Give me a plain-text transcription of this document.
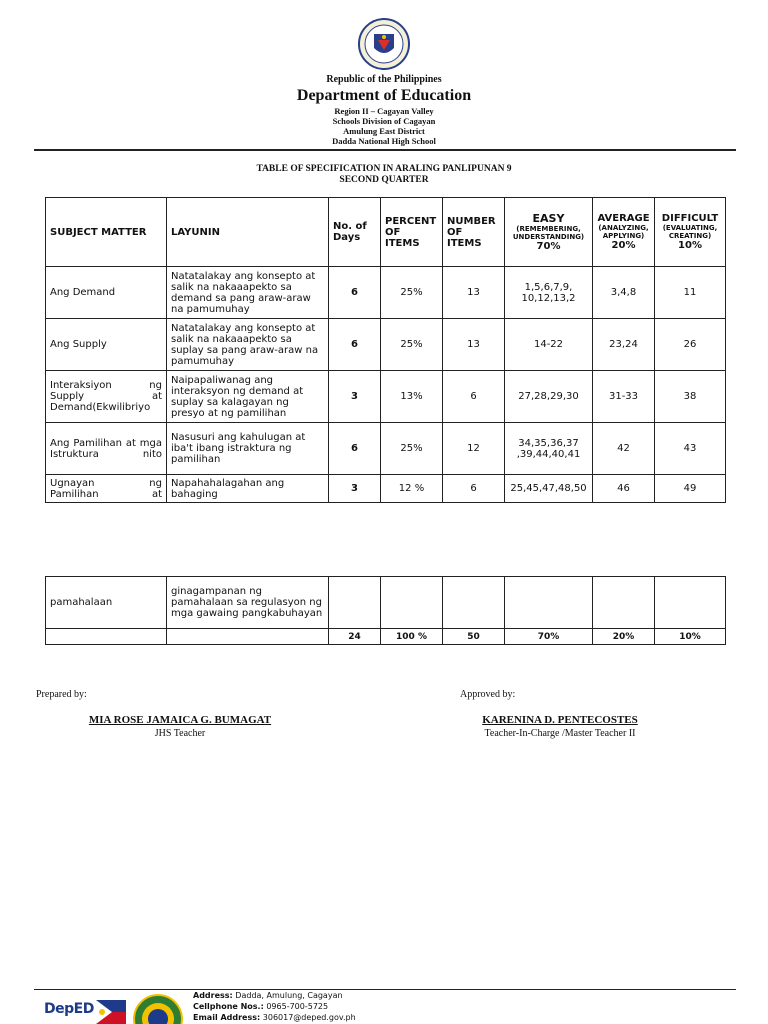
Republic of the Philippines
Department of Education
Region II – Cagayan Valley
Schools Division of Cagayan
Amulung East District
Dadda National High School
TABLE OF SPECIFICATION IN ARALING PANLIPUNAN 9
SECOND QUARTER
SUBJECT MATTER	LAYUNIN	No. of Days	PERCENT OF ITEMS	NUMBER OF ITEMS	EASY
(REMEMBERING, UNDERSTANDING)
70%	AVERAGE
(ANALYZING, APPLYING)
20%	DIFFICULT
(EVALUATING, CREATING)
10%
Ang Demand	Natatalakay ang konsepto at salik na nakaaapekto sa demand sa pang araw-araw na pamumuhay	6	25%	13	1,5,6,7,9, 10,12,13,2	3,4,8	11
Ang Supply	Natatalakay ang konsepto at salik na nakaaapekto sa suplay sa pang araw-araw na pamumuhay	6	25%	13	14-22	23,24	26
Interaksiyon ng Supply at Demand(Ekwilibriyo	Naipapaliwanag ang interaksyon ng demand at suplay sa kalagayan ng presyo at ng pamilihan	3	13%	6	27,28,29,30	31-33	38
Ang Pamilihan at mga Istruktura nito	Nasusuri ang kahulugan at iba't ibang istraktura ng pamilihan	6	25%	12	34,35,36,37 ,39,44,40,41	42	43
Ugnayan ng Pamilihan at	Napahahalagahan ang bahaging	3	12 %	6	25,45,47,48,50	46	49
pamahalaan	ginagampanan ng pamahalaan sa regulasyon ng mga gawaing pangkabuhayan						
		24	100 %	50	70%	20%	10%
Prepared by:	Approved by:
MIA ROSE JAMAICA G. BUMAGAT
JHS Teacher
KARENINA D. PENTECOSTES
Teacher-In-Charge /Master Teacher II
DepED
Address: Dadda, Amulung, Cagayan
Cellphone Nos.: 0965-700-5725
Email Address: 306017@deped.gov.ph
